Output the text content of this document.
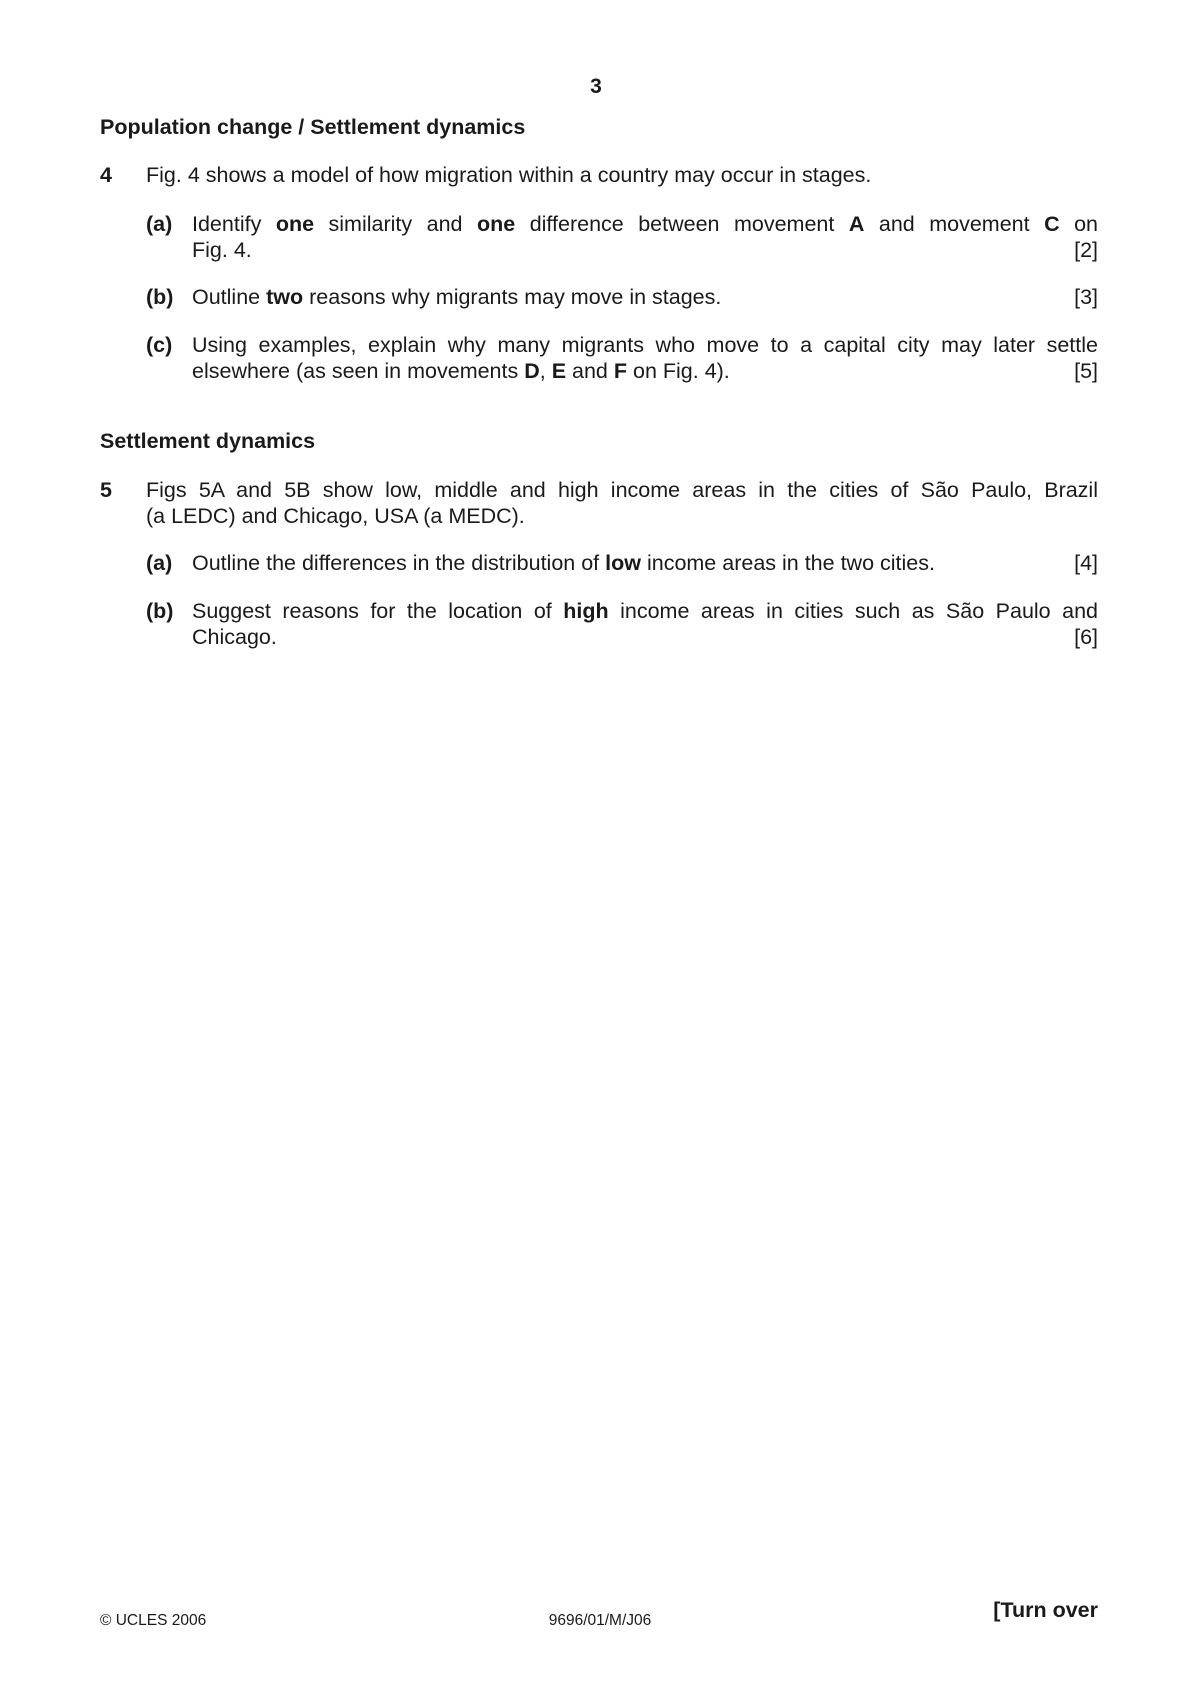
3
Population change / Settlement dynamics
4 Fig. 4 shows a model of how migration within a country may occur in stages.
(a) Identify one similarity and one difference between movement A and movement C on
Fig. 4.	[2]
(b) Outline two reasons why migrants may move in stages.	[3]
(c) Using examples, explain why many migrants who move to a capital city may later settle
elsewhere (as seen in movements D, E and F on Fig. 4).	[5]
Settlement dynamics
5 Figs 5A and 5B show low, middle and high income areas in the cities of São Paulo, Brazil
(a LEDC) and Chicago, USA (a MEDC).
(a) Outline the differences in the distribution of low income areas in the two cities.	[4]
(b) Suggest reasons for the location of high income areas in cities such as São Paulo and
Chicago.	[6]
© UCLES 2006	9696/01/M/J06	[Turn over
